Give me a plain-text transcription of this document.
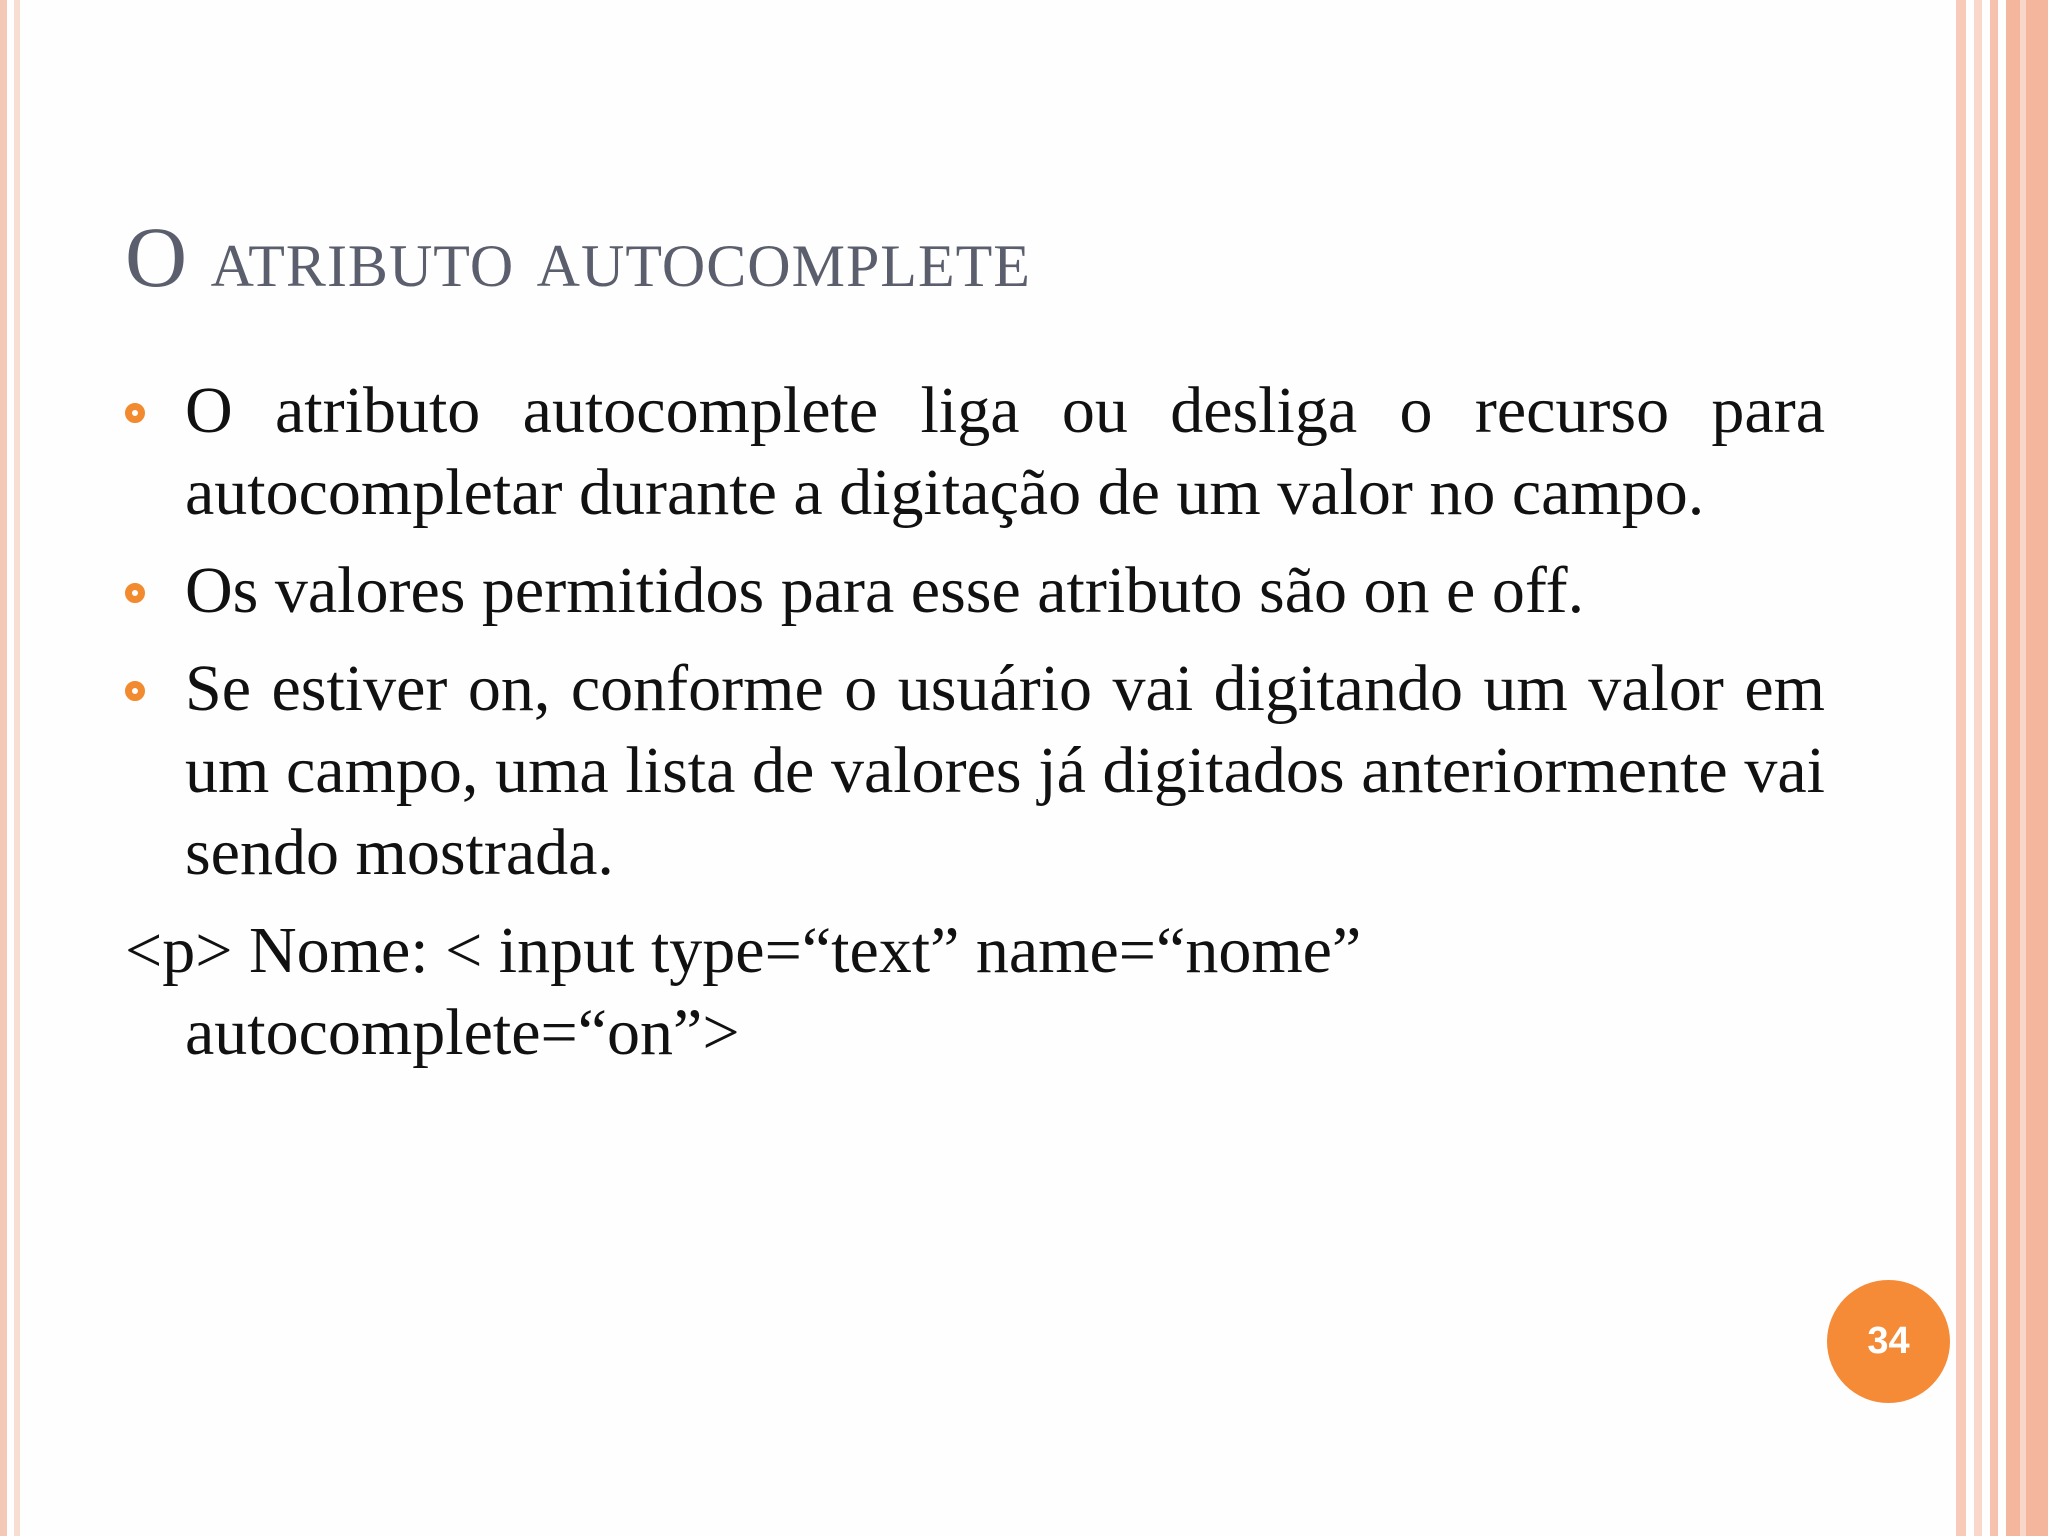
O atributo autocomplete
O atributo autocomplete liga ou desliga o recurso para autocompletar durante a digitação de um valor no campo.
Os valores permitidos para esse atributo são on e off.
Se estiver on, conforme o usuário vai digitando um valor em um campo, uma lista de valores já digitados anteriormente vai sendo mostrada.

<p> Nome: < input type=“text” name=“nome” autocomplete=“on”>

34
